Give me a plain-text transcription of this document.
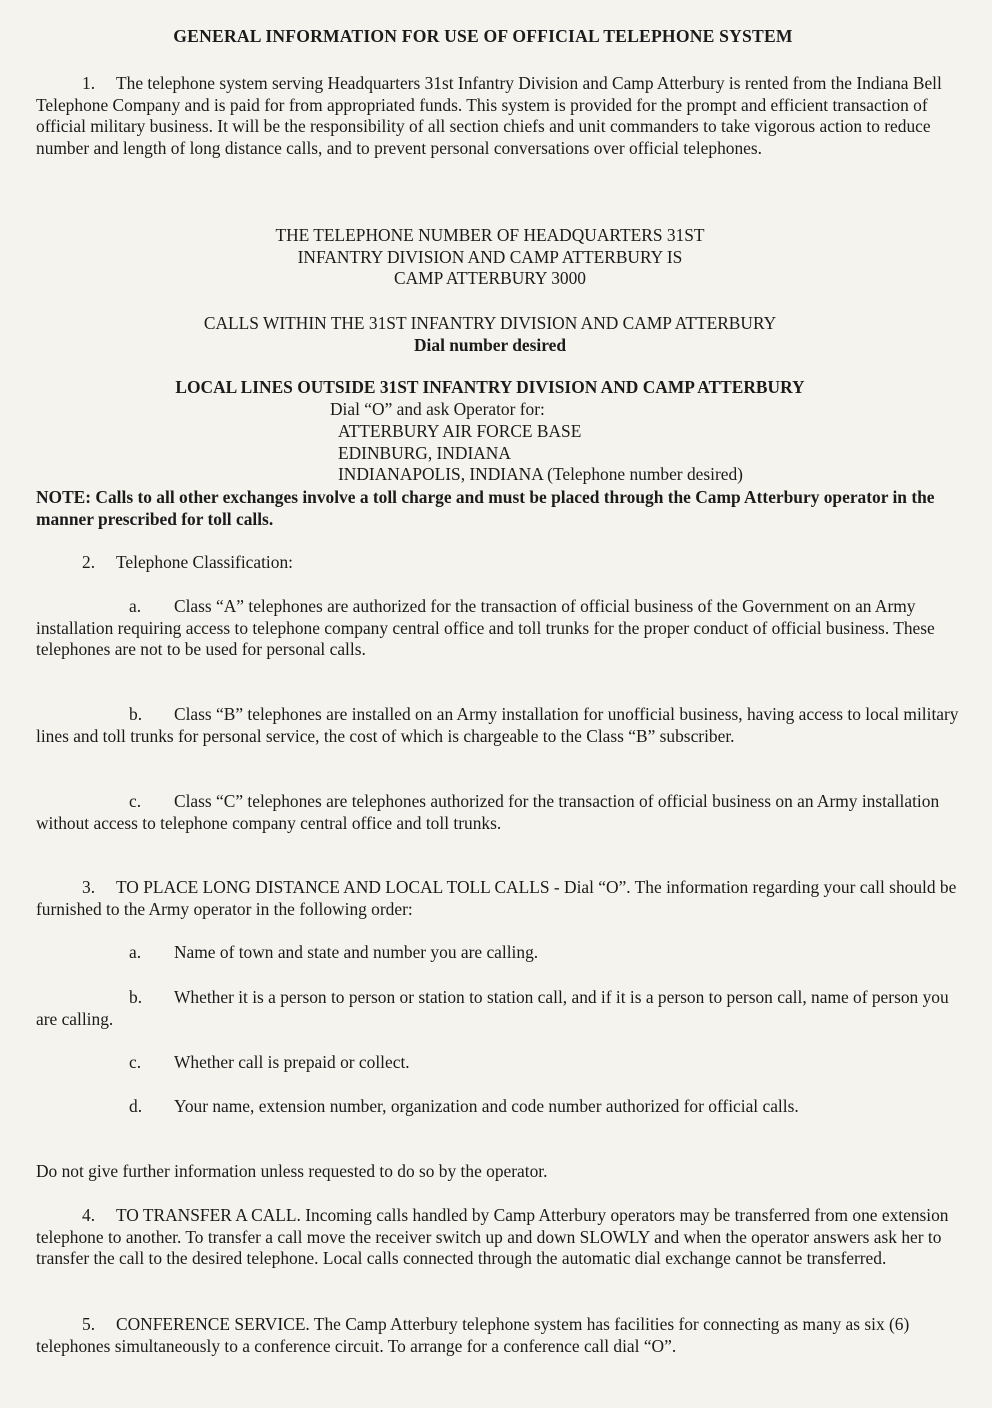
GENERAL INFORMATION FOR USE OF OFFICIAL TELEPHONE SYSTEM
1. The telephone system serving Headquarters 31st Infantry Division and Camp Atterbury is rented from the Indiana Bell Telephone Company and is paid for from appropriated funds. This system is provided for the prompt and efficient transaction of official military business. It will be the responsibility of all section chiefs and unit commanders to take vigorous action to reduce number and length of long distance calls, and to prevent personal conversations over official telephones.
THE TELEPHONE NUMBER OF HEADQUARTERS 31ST
INFANTRY DIVISION AND CAMP ATTERBURY IS
CAMP ATTERBURY 3000
CALLS WITHIN THE 31ST INFANTRY DIVISION AND CAMP ATTERBURY
Dial number desired
LOCAL LINES OUTSIDE 31ST INFANTRY DIVISION AND CAMP ATTERBURY
Dial “O” and ask Operator for:
ATTERBURY AIR FORCE BASE
EDINBURG, INDIANA
INDIANAPOLIS, INDIANA (Telephone number desired)
NOTE: Calls to all other exchanges involve a toll charge and must be placed through the Camp Atterbury operator in the manner prescribed for toll calls.
2. Telephone Classification:
a. Class “A” telephones are authorized for the transaction of official business of the Government on an Army installation requiring access to telephone company central office and toll trunks for the proper conduct of official business. These telephones are not to be used for personal calls.
b. Class “B” telephones are installed on an Army installation for unofficial business, having access to local military lines and toll trunks for personal service, the cost of which is chargeable to the Class “B” subscriber.
c. Class “C” telephones are telephones authorized for the transaction of official business on an Army installation without access to telephone company central office and toll trunks.
3. TO PLACE LONG DISTANCE AND LOCAL TOLL CALLS - Dial “O”. The information regarding your call should be furnished to the Army operator in the following order:
a. Name of town and state and number you are calling.
b. Whether it is a person to person or station to station call, and if it is a person to person call, name of person you are calling.
c. Whether call is prepaid or collect.
d. Your name, extension number, organization and code number authorized for official calls.
Do not give further information unless requested to do so by the operator.
4. TO TRANSFER A CALL. Incoming calls handled by Camp Atterbury operators may be transferred from one extension telephone to another. To transfer a call move the receiver switch up and down SLOWLY and when the operator answers ask her to transfer the call to the desired telephone. Local calls connected through the automatic dial exchange cannot be transferred.
5. CONFERENCE SERVICE. The Camp Atterbury telephone system has facilities for connecting as many as six (6) telephones simultaneously to a conference circuit. To arrange for a conference call dial “O”.
